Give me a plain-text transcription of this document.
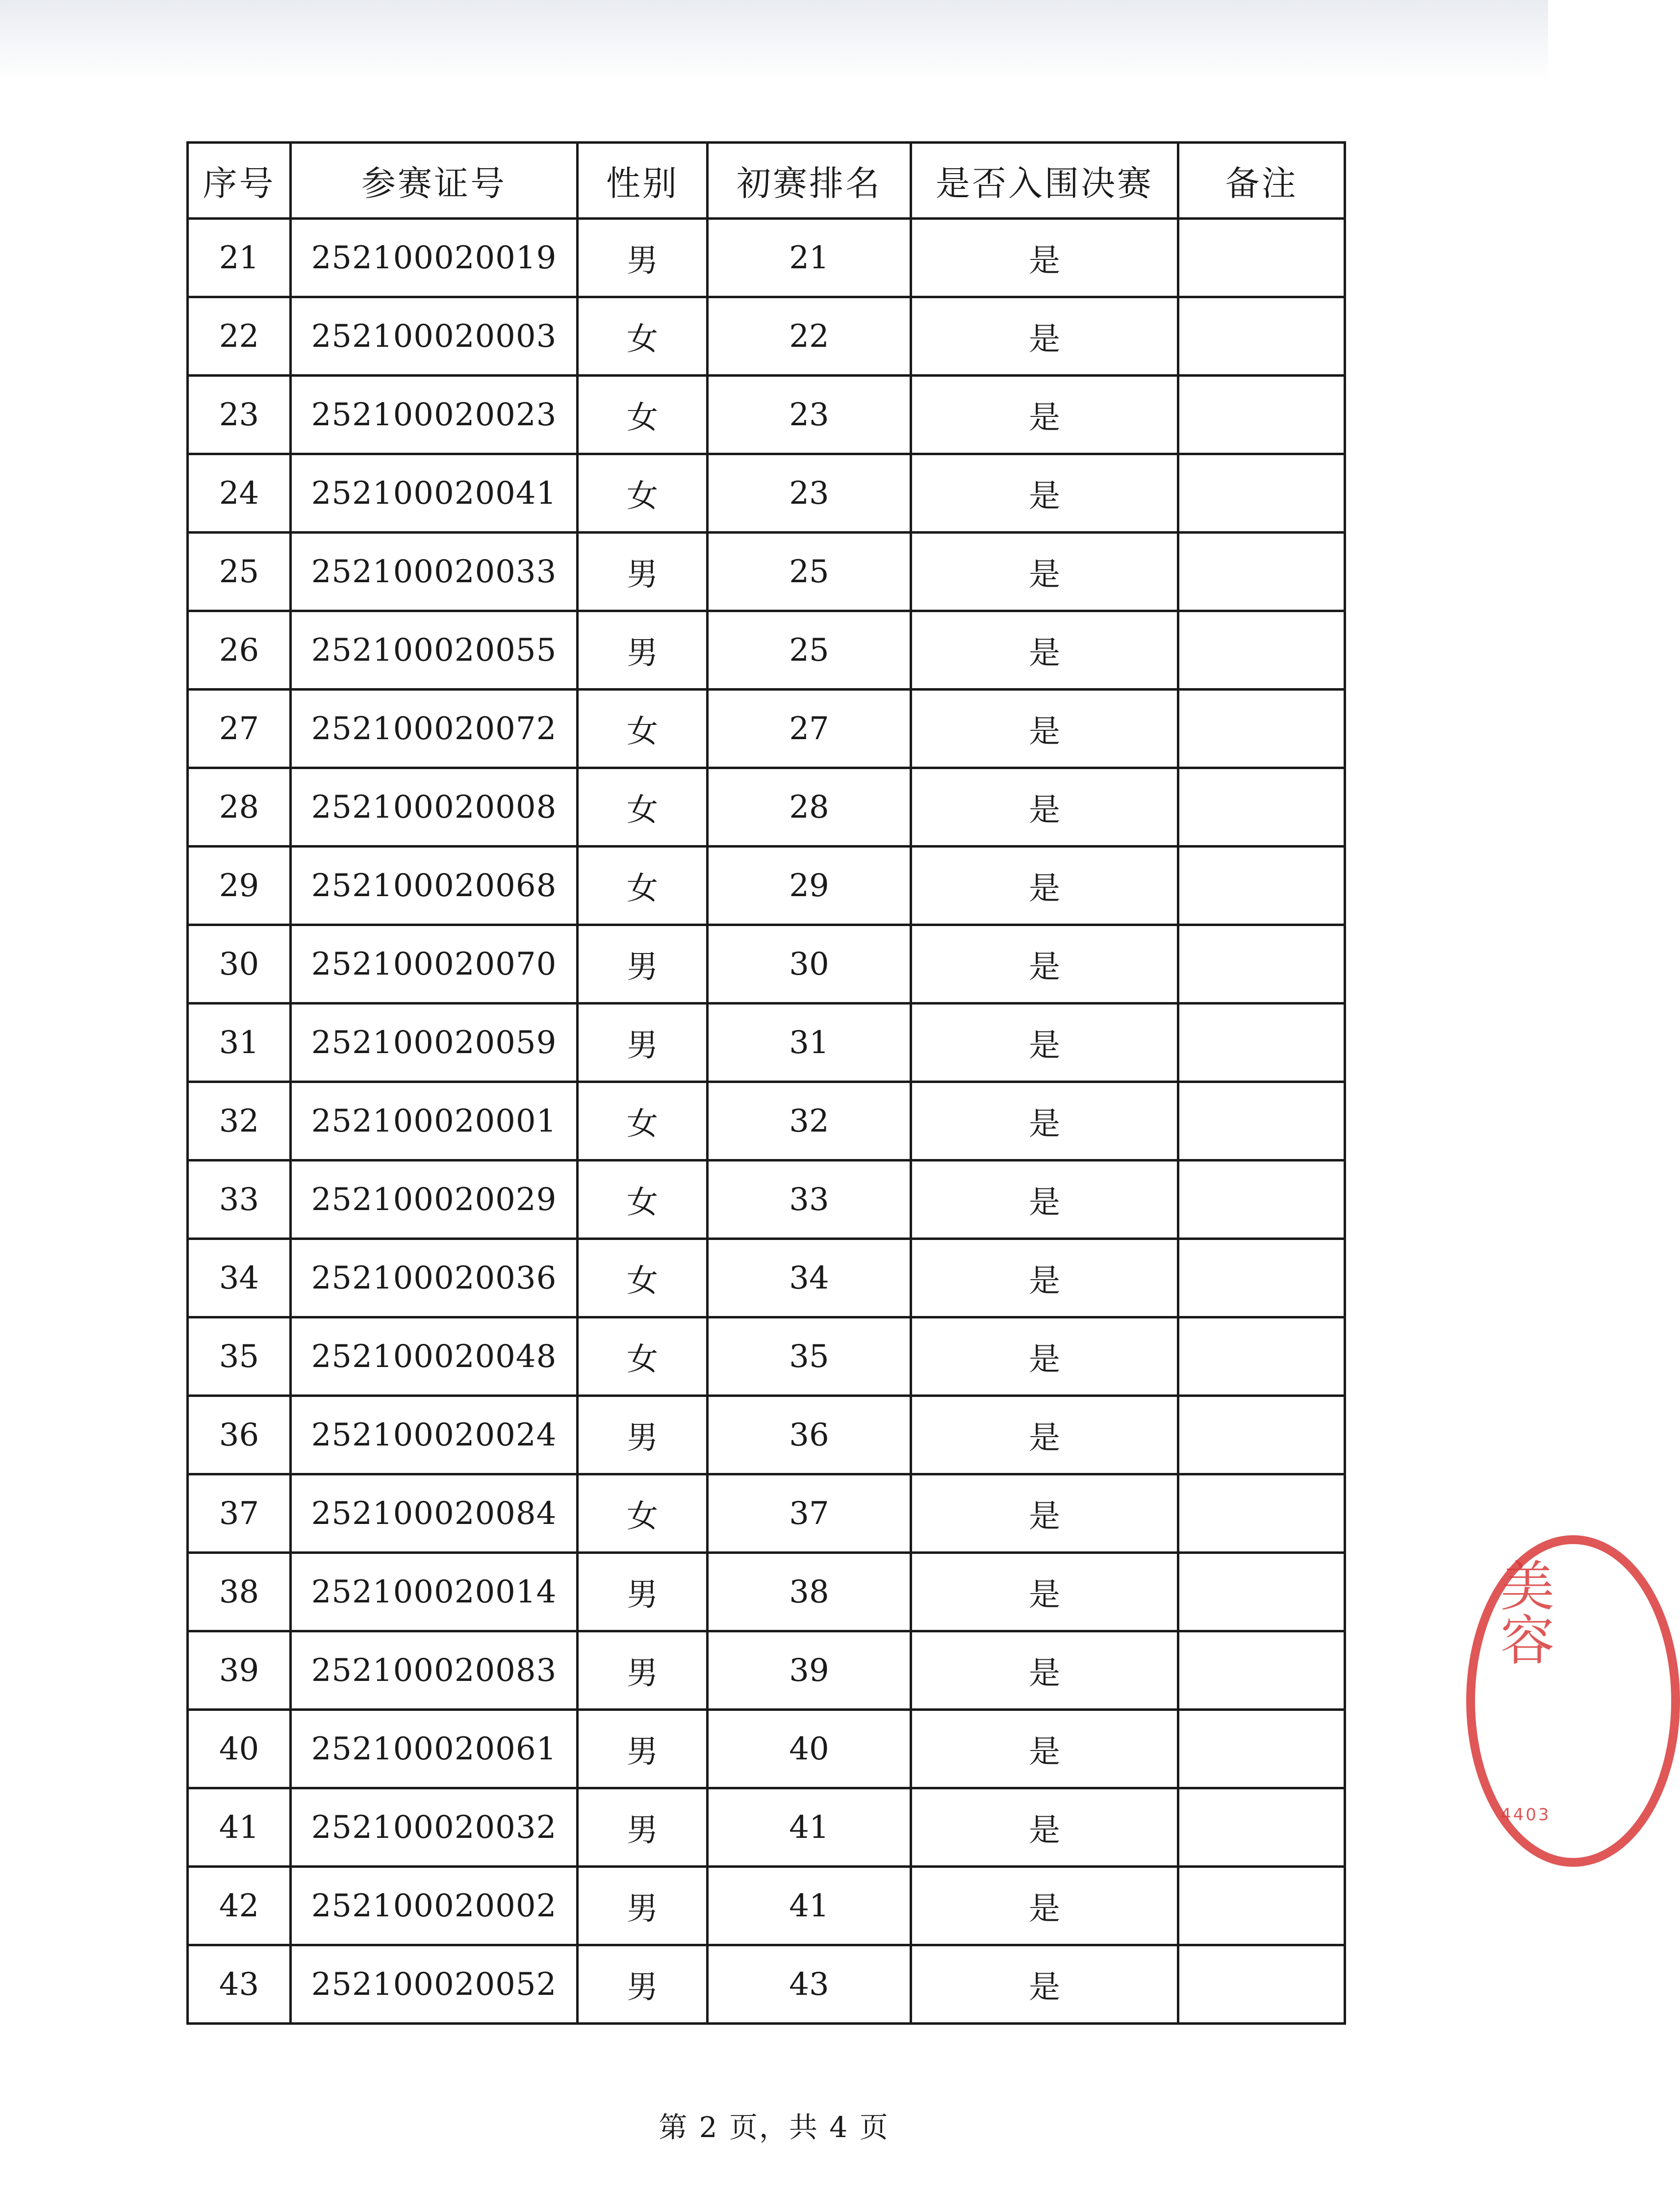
序号	参赛证号	性别	初赛排名	是否入围决赛	备注
21	252100020019	男	21	是	
22	252100020003	女	22	是	
23	252100020023	女	23	是	
24	252100020041	女	23	是	
25	252100020033	男	25	是	
26	252100020055	男	25	是	
27	252100020072	女	27	是	
28	252100020008	女	28	是	
29	252100020068	女	29	是	
30	252100020070	男	30	是	
31	252100020059	男	31	是	
32	252100020001	女	32	是	
33	252100020029	女	33	是	
34	252100020036	女	34	是	
35	252100020048	女	35	是	
36	252100020024	男	36	是	
37	252100020084	女	37	是	
38	252100020014	男	38	是	
39	252100020083	男	39	是	
40	252100020061	男	40	是	
41	252100020032	男	41	是	
42	252100020002	男	41	是	
43	252100020052	男	43	是	
第 2 页，共 4 页
美容
4403
